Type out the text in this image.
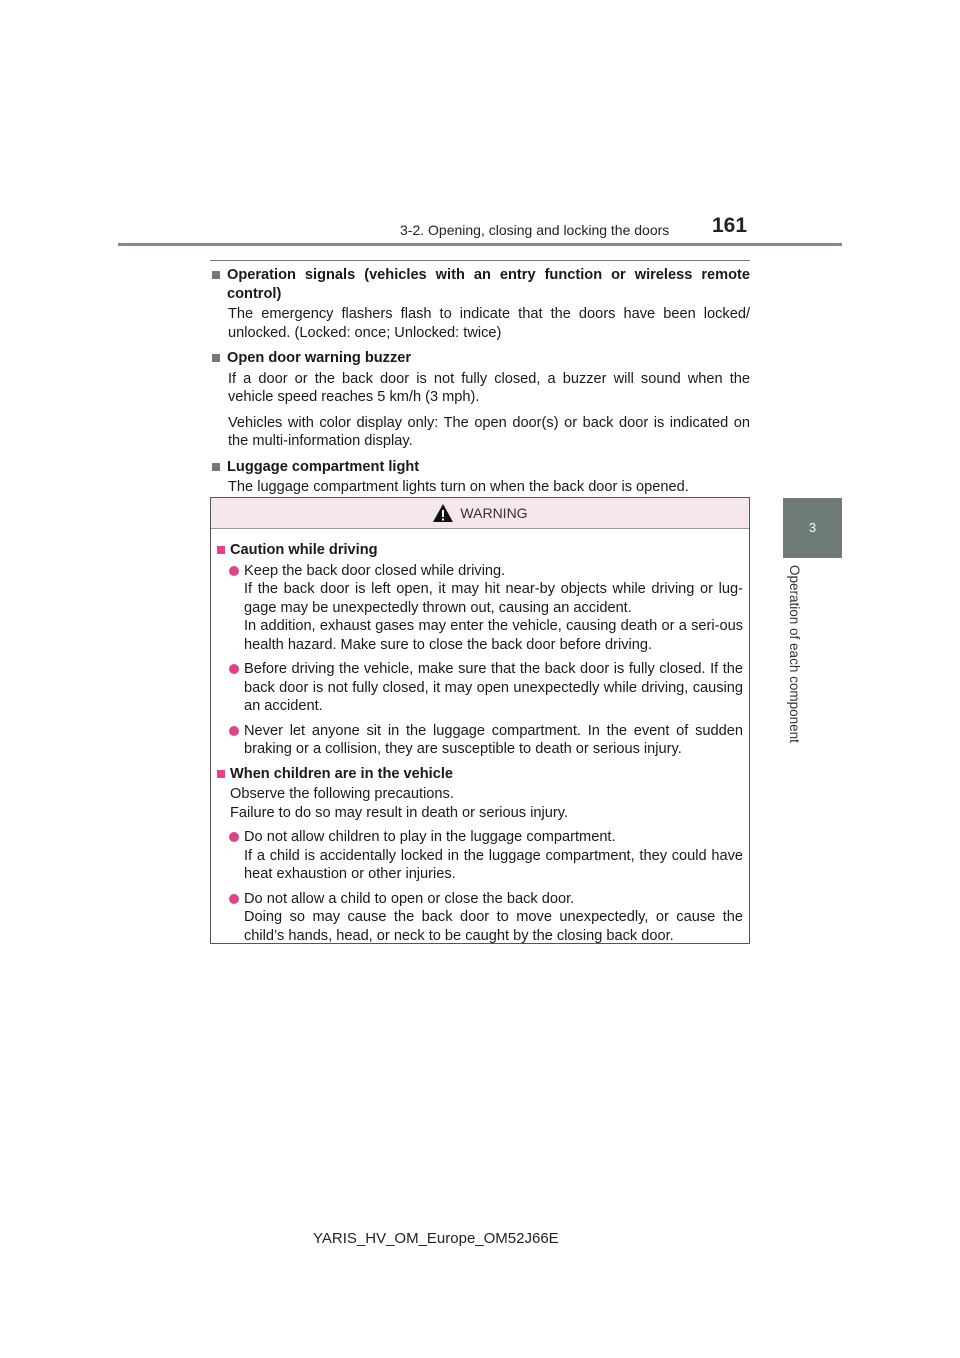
3-2. Opening, closing and locking the doors 161
3
Operation of each component
Operation signals (vehicles with an entry function or wireless remote control)
The emergency flashers flash to indicate that the doors have been locked/ unlocked. (Locked: once; Unlocked: twice)
Open door warning buzzer
If a door or the back door is not fully closed, a buzzer will sound when the vehicle speed reaches 5 km/h (3 mph).
Vehicles with color display only: The open door(s) or back door is indicated on the multi-information display.
Luggage compartment light
The luggage compartment lights turn on when the back door is opened.
WARNING
Caution while driving
Keep the back door closed while driving.
If the back door is left open, it may hit near-by objects while driving or lug-gage may be unexpectedly thrown out, causing an accident.
In addition, exhaust gases may enter the vehicle, causing death or a seri-ous health hazard. Make sure to close the back door before driving.
Before driving the vehicle, make sure that the back door is fully closed. If the back door is not fully closed, it may open unexpectedly while driving, causing an accident.
Never let anyone sit in the luggage compartment. In the event of sudden braking or a collision, they are susceptible to death or serious injury.
When children are in the vehicle
Observe the following precautions.
Failure to do so may result in death or serious injury.
Do not allow children to play in the luggage compartment.
If a child is accidentally locked in the luggage compartment, they could have heat exhaustion or other injuries.
Do not allow a child to open or close the back door.
Doing so may cause the back door to move unexpectedly, or cause the child’s hands, head, or neck to be caught by the closing back door.
YARIS_HV_OM_Europe_OM52J66E
